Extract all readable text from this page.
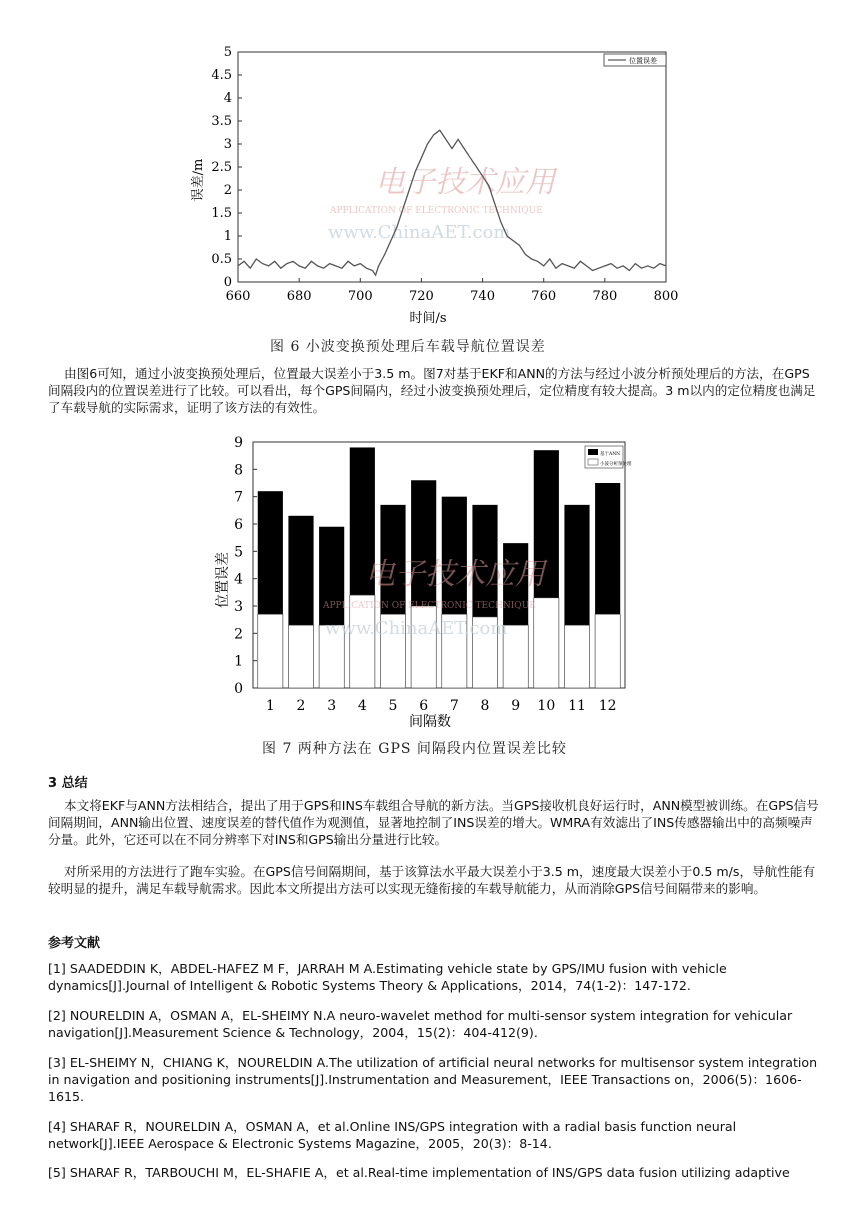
660	680	700	720	740	760	780	800
0
0.5
1
1.5
2
2.5
3
3.5
4
4.5
5
电子技术应用
APPLICATION OF ELECTRONIC TECHNIQUE
www.ChinaAET.com
位置误差
时间/s
误差/m
图 6 小波变换预处理后车载导航位置误差
由图6可知，通过小波变换预处理后，位置最大误差小于3.5 m。图7对基于EKF和ANN的方法与经过小波分析预处理后的方法，在GPS间隔段内的位置误差进行了比较。可以看出，每个GPS间隔内，经过小波变换预处理后，定位精度有较大提高。3 m以内的定位精度也满足了车载导航的实际需求，证明了该方法的有效性。
1 2 3 4 5 6 7 8 9 10 11 12
0
1
2
3
4
5
6
7
8
9
电子技术应用
APPLICATION OF ELECTRONIC TECHNIQUE
www.ChinaAET.com
基于ANN
小波分析预处理
间隔数
位置误差
图 7 两种方法在 GPS 间隔段内位置误差比较
3 总结
本文将EKF与ANN方法相结合，提出了用于GPS和INS车载组合导航的新方法。当GPS接收机良好运行时，ANN模型被训练。在GPS信号间隔期间，ANN输出位置、速度误差的替代值作为观测值，显著地控制了INS误差的增大。WMRA有效滤出了INS传感器输出中的高频噪声分量。此外，它还可以在不同分辨率下对INS和GPS输出分量进行比较。
对所采用的方法进行了跑车实验。在GPS信号间隔期间，基于该算法水平最大误差小于3.5 m，速度最大误差小于0.5 m/s，导航性能有较明显的提升，满足车载导航需求。因此本文所提出方法可以实现无缝衔接的车载导航能力，从而消除GPS信号间隔带来的影响。
参考文献
[1] SAADEDDIN K，ABDEL-HAFEZ M F，JARRAH M A.Estimating vehicle state by GPS/IMU fusion with vehicle dynamics[J].Journal of Intelligent & Robotic Systems Theory & Applications，2014，74(1-2)：147-172.
[2] NOURELDIN A，OSMAN A，EL-SHEIMY N.A neuro-wavelet method for multi-sensor system integration for vehicular navigation[J].Measurement Science & Technology，2004，15(2)：404-412(9).
[3] EL-SHEIMY N，CHIANG K，NOURELDIN A.The utilization of artificial neural networks for multisensor system integration in navigation and positioning instruments[J].Instrumentation and Measurement，IEEE Transactions on，2006(5)：1606-1615.
[4] SHARAF R，NOURELDIN A，OSMAN A，et al.Online INS/GPS integration with a radial basis function neural network[J].IEEE Aerospace & Electronic Systems Magazine，2005，20(3)：8-14.
[5] SHARAF R，TARBOUCHI M，EL-SHAFIE A，et al.Real-time implementation of INS/GPS data fusion utilizing adaptive
